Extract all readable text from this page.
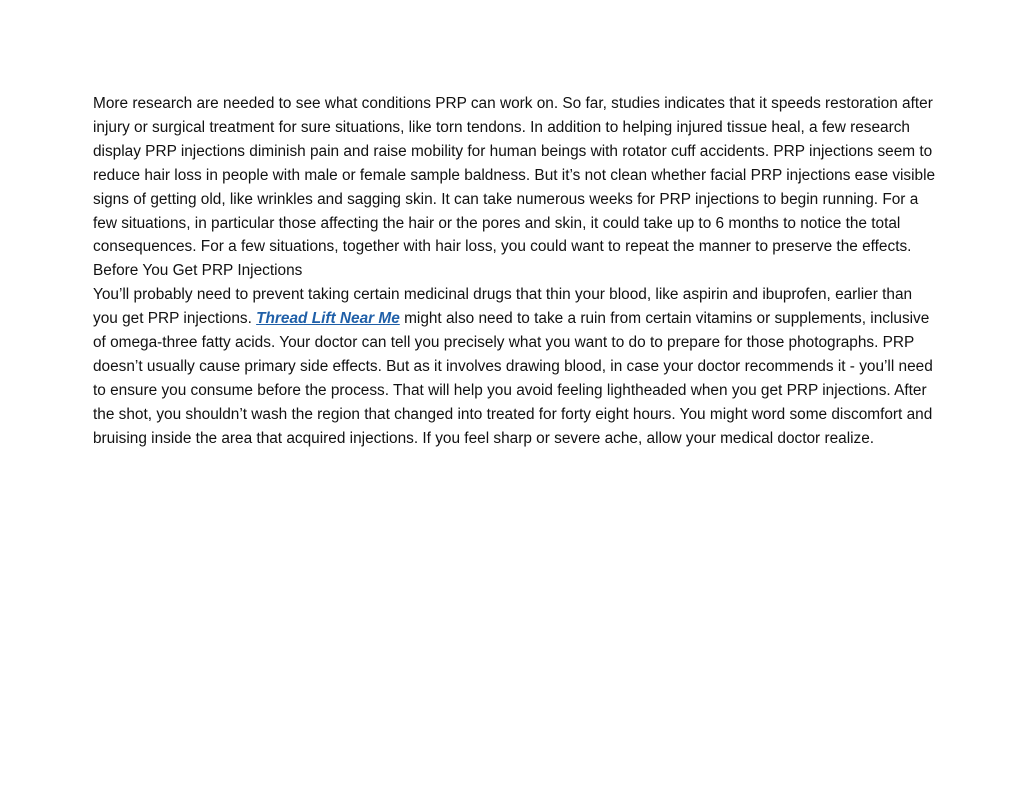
More research are needed to see what conditions PRP can work on. So far, studies indicates that it speeds restoration after injury or surgical treatment for sure situations, like torn tendons. In addition to helping injured tissue heal, a few research display PRP injections diminish pain and raise mobility for human beings with rotator cuff accidents. PRP injections seem to reduce hair loss in people with male or female sample baldness. But it’s not clean whether facial PRP injections ease visible signs of getting old, like wrinkles and sagging skin. It can take numerous weeks for PRP injections to begin running. For a few situations, in particular those affecting the hair or the pores and skin, it could take up to 6 months to notice the total consequences. For a few situations, together with hair loss, you could want to repeat the manner to preserve the effects.

Before You Get PRP Injections

You’ll probably need to prevent taking certain medicinal drugs that thin your blood, like aspirin and ibuprofen, earlier than you get PRP injections. Thread Lift Near Me might also need to take a ruin from certain vitamins or supplements, inclusive of omega-three fatty acids. Your doctor can tell you precisely what you want to do to prepare for those photographs. PRP doesn’t usually cause primary side effects. But as it involves drawing blood, in case your doctor recommends it - you’ll need to ensure you consume before the process. That will help you avoid feeling lightheaded when you get PRP injections. After the shot, you shouldn’t wash the region that changed into treated for forty eight hours. You might word some discomfort and bruising inside the area that acquired injections. If you feel sharp or severe ache, allow your medical doctor realize.
